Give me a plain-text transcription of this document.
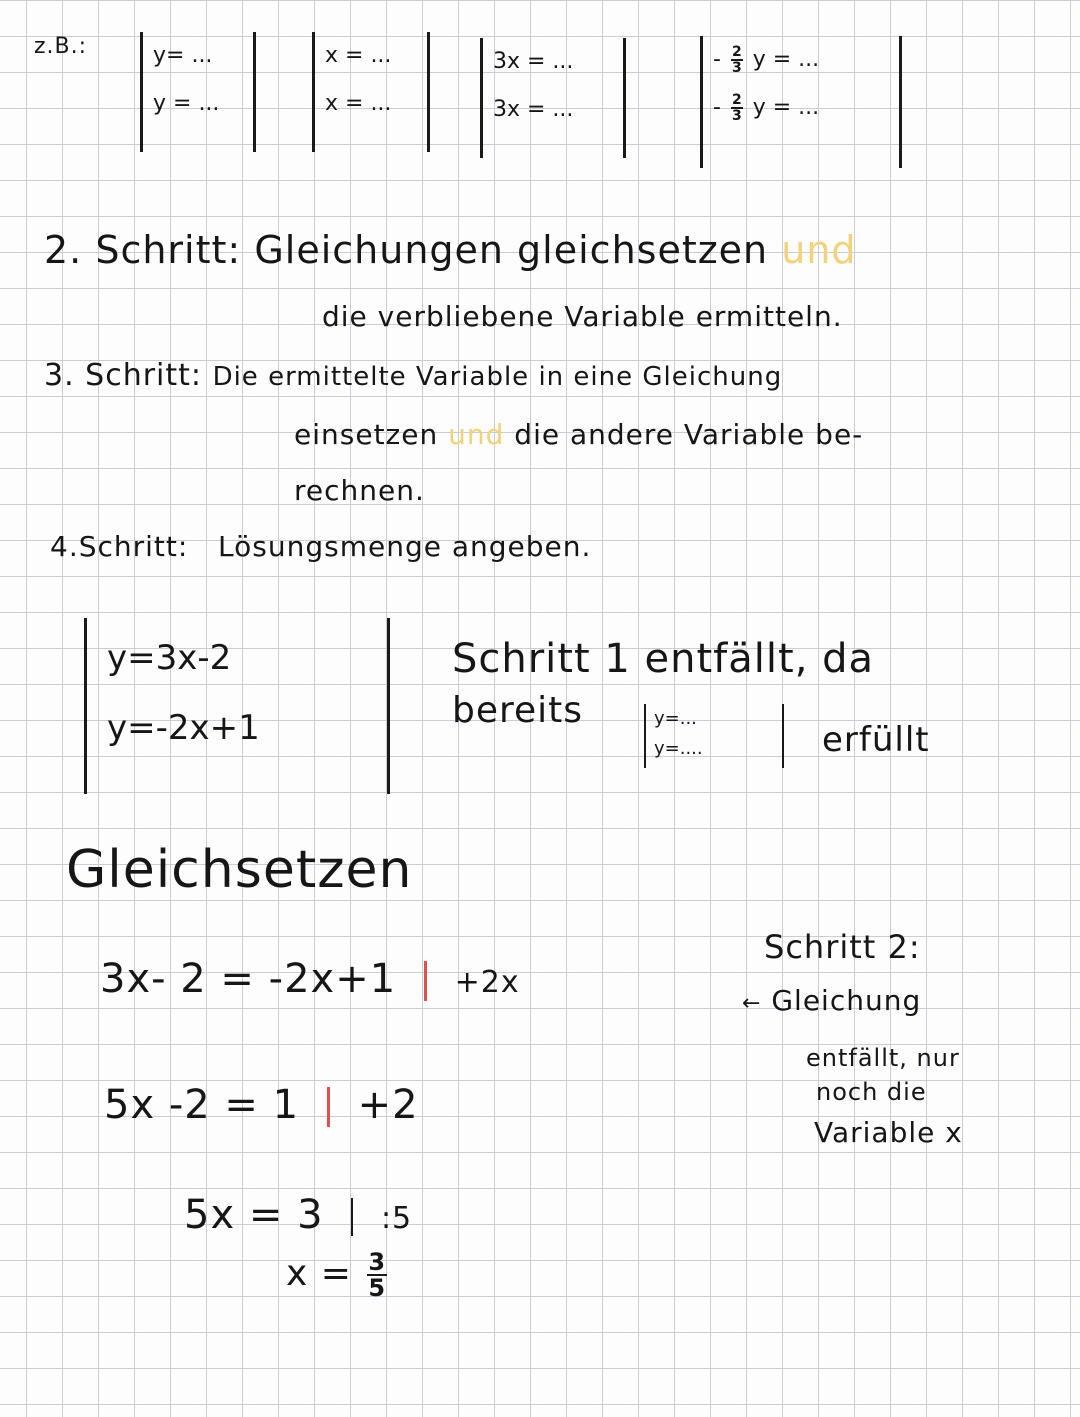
z.B.:	y= ...
y = ...
x = ...
x = ...
3x = ...
3x = ...
- $\frac{2}{3}$ y = ...
- $\frac{2}{3}$ y = ...
2. Schritt: Gleichungen gleichsetzen und
die verbliebene Variable ermitteln.
3. Schritt: Die ermittelte Variable in eine Gleichung
einsetzen und die andere Variable be-
rechnen.
4.Schritt: Lösungsmenge angeben.
y=3x-2
y=-2x+1
Schritt 1 entfällt, da
bereits	y=...
y=....	erfüllt
Gleichsetzen
3x- 2 = -2x+1 +2x
5x -2 = 1 +2
5x = 3 :5
$x = \frac{3}{5}$
Schritt 2:
← Gleichung
entfällt, nur
noch die
Variable x
